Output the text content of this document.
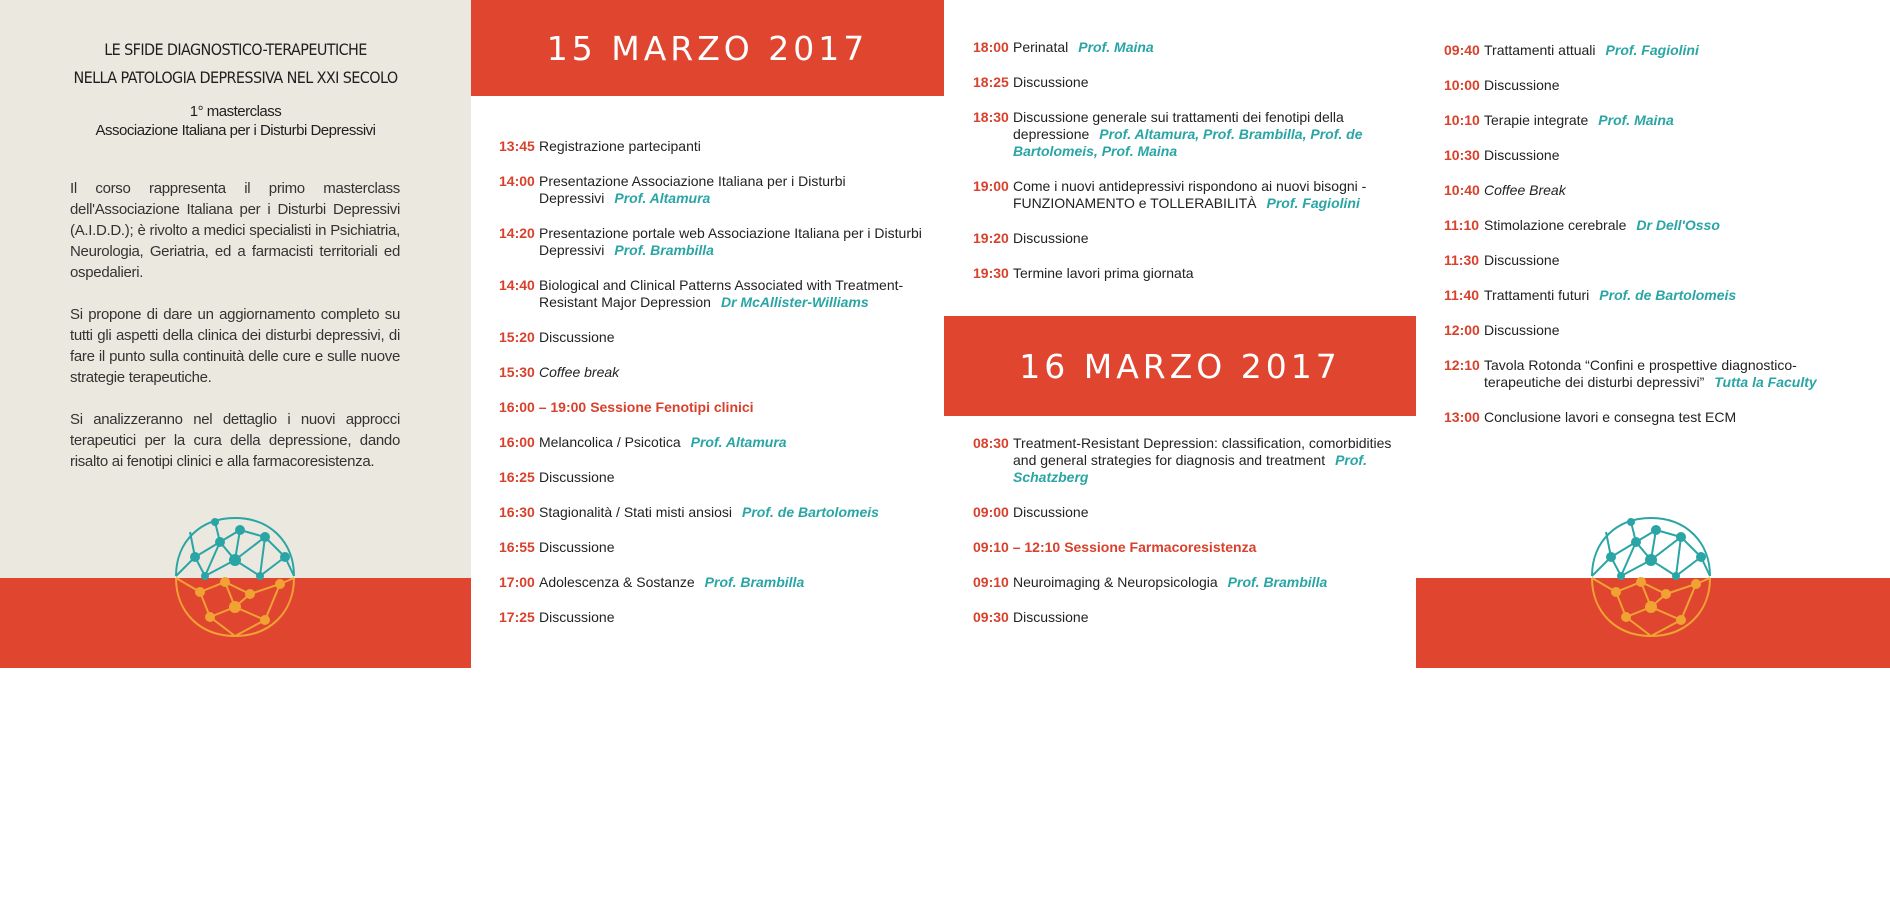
LE SFIDE DIAGNOSTICO-TERAPEUTICHE
NELLA PATOLOGIA DEPRESSIVA NEL XXI SECOLO
1° masterclass
Associazione Italiana per i Disturbi Depressivi

Il corso rappresenta il primo masterclass dell'Associazione Italiana per i Disturbi Depressivi (A.I.D.D.); è rivolto a medici specialisti in Psichiatria, Neurologia, Geriatria, ed a farmacisti territoriali ed ospedalieri.

Si propone di dare un aggiornamento completo su tutti gli aspetti della clinica dei disturbi depressivi, di fare il punto sulla continuità delle cure e sulle nuove strategie terapeutiche.

Si analizzeranno nel dettaglio i nuovi approcci terapeutici per la cura della depressione, dando risalto ai fenotipi clinici e alla farmacoresistenza.

15 MARZO 2017
13:45 Registrazione partecipanti
14:00 Presentazione Associazione Italiana per i Disturbi Depressivi Prof. Altamura
14:20 Presentazione portale web Associazione Italiana per i Disturbi Depressivi Prof. Brambilla
14:40 Biological and Clinical Patterns Associated with Treatment-Resistant Major Depression Dr McAllister-Williams
15:20 Discussione
15:30 Coffee break
16:00 – 19:00 Sessione Fenotipi clinici
16:00 Melancolica / Psicotica Prof. Altamura
16:25 Discussione
16:30 Stagionalità / Stati misti ansiosi Prof. de Bartolomeis
16:55 Discussione
17:00 Adolescenza & Sostanze Prof. Brambilla
17:25 Discussione
18:00 Perinatal Prof. Maina
18:25 Discussione
18:30 Discussione generale sui trattamenti dei fenotipi della depressione Prof. Altamura, Prof. Brambilla, Prof. de Bartolomeis, Prof. Maina
19:00 Come i nuovi antidepressivi rispondono ai nuovi bisogni - FUNZIONAMENTO e TOLLERABILITÀ Prof. Fagiolini
19:20 Discussione
19:30 Termine lavori prima giornata
16 MARZO 2017
08:30 Treatment-Resistant Depression: classification, comorbidities and general strategies for diagnosis and treatment Prof. Schatzberg
09:00 Discussione
09:10 – 12:10 Sessione Farmacoresistenza
09:10 Neuroimaging & Neuropsicologia Prof. Brambilla
09:30 Discussione
09:40 Trattamenti attuali Prof. Fagiolini
10:00 Discussione
10:10 Terapie integrate Prof. Maina
10:30 Discussione
10:40 Coffee Break
11:10 Stimolazione cerebrale Dr Dell'Osso
11:30 Discussione
11:40 Trattamenti futuri Prof. de Bartolomeis
12:00 Discussione
12:10 Tavola Rotonda “Confini e prospettive diagnostico-terapeutiche dei disturbi depressivi” Tutta la Faculty
13:00 Conclusione lavori e consegna test ECM
